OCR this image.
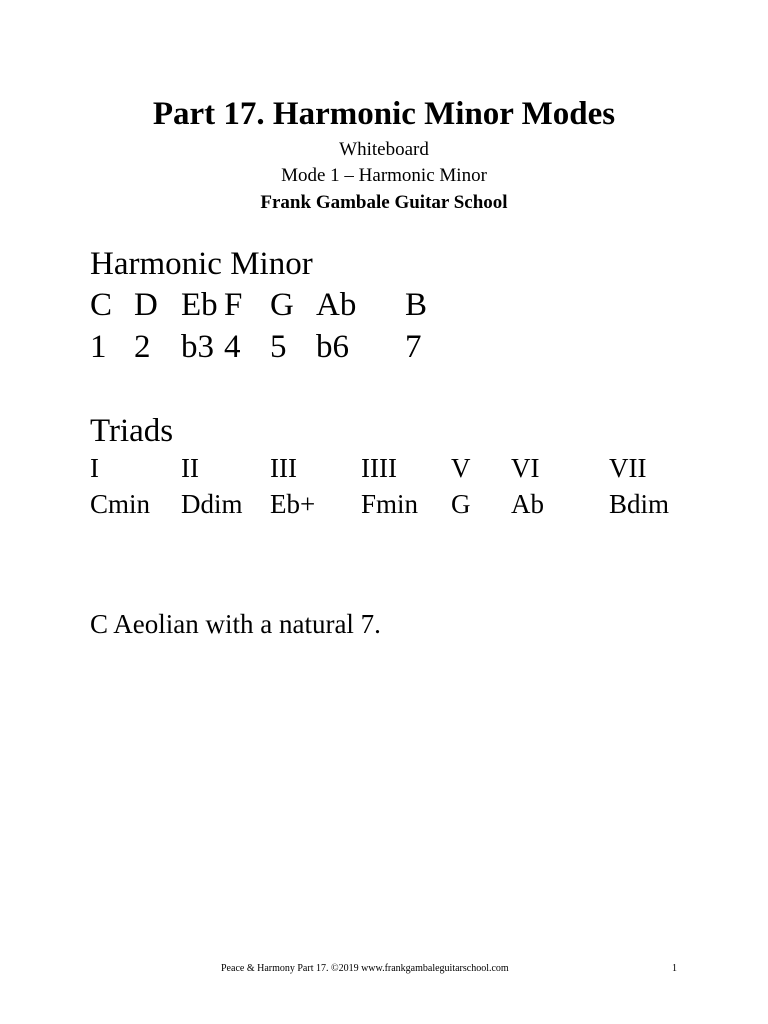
Part 17. Harmonic Minor Modes
Whiteboard
Mode 1 – Harmonic Minor
Frank Gambale Guitar School
Harmonic Minor
C D Eb F G Ab B
1 2 b3 4 5 b6 7
Triads
I	II	III IIII V VI	VII
Cmin Ddim Eb+ Fmin G Ab Bdim
C Aeolian with a natural 7.
Peace & Harmony Part 17. ©2019 www.frankgambaleguitarschool.com	1
